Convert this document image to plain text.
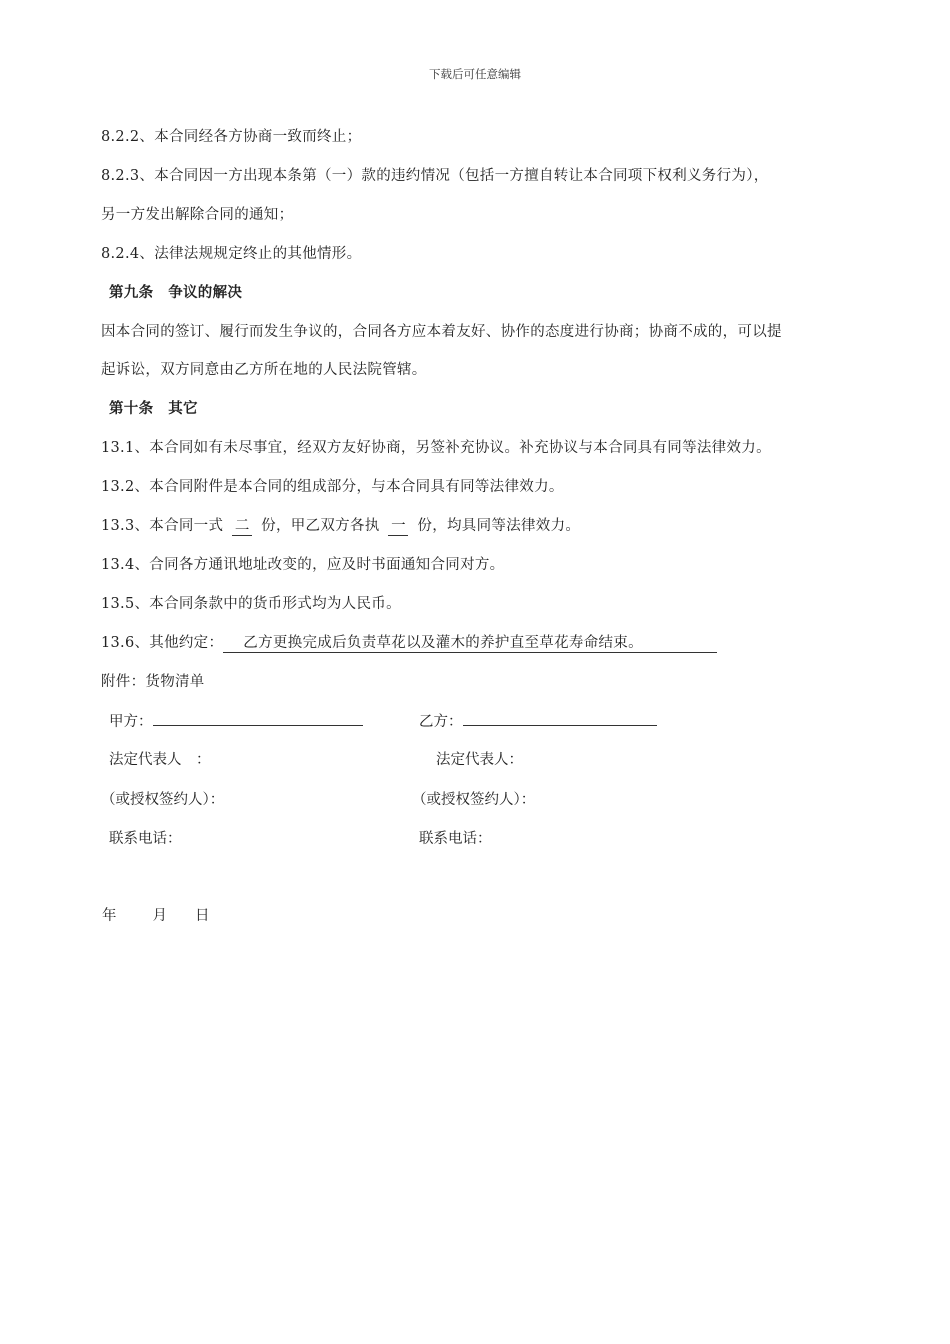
下载后可任意编辑
8.2.2、本合同经各方协商一致而终止；
8.2.3、本合同因一方出现本条第（一）款的违约情况（包括一方擅自转让本合同项下权利义务行为），
另一方发出解除合同的通知；
8.2.4、法律法规规定终止的其他情形。
第九条　争议的解决
因本合同的签订、履行而发生争议的，合同各方应本着友好、协作的态度进行协商；协商不成的，可以提
起诉讼，双方同意由乙方所在地的人民法院管辖。
第十条　其它
13.1、本合同如有未尽事宜，经双方友好协商，另签补充协议。补充协议与本合同具有同等法律效力。
13.2、本合同附件是本合同的组成部分，与本合同具有同等法律效力。
13.3、本合同一式 二 份，甲乙双方各执 一 份，均具同等法律效力。
13.4、合同各方通讯地址改变的，应及时书面通知合同对方。
13.5、本合同条款中的货币形式均为人民币。
13.6、其他约定： 乙方更换完成后负责草花以及灌木的养护直至草花寿命结束。
附件：货物清单
甲方：	乙方：
法定代表人　：	法定代表人：
（或授权签约人）：	（或授权签约人）：
联系电话：	联系电话：
年 月 日
